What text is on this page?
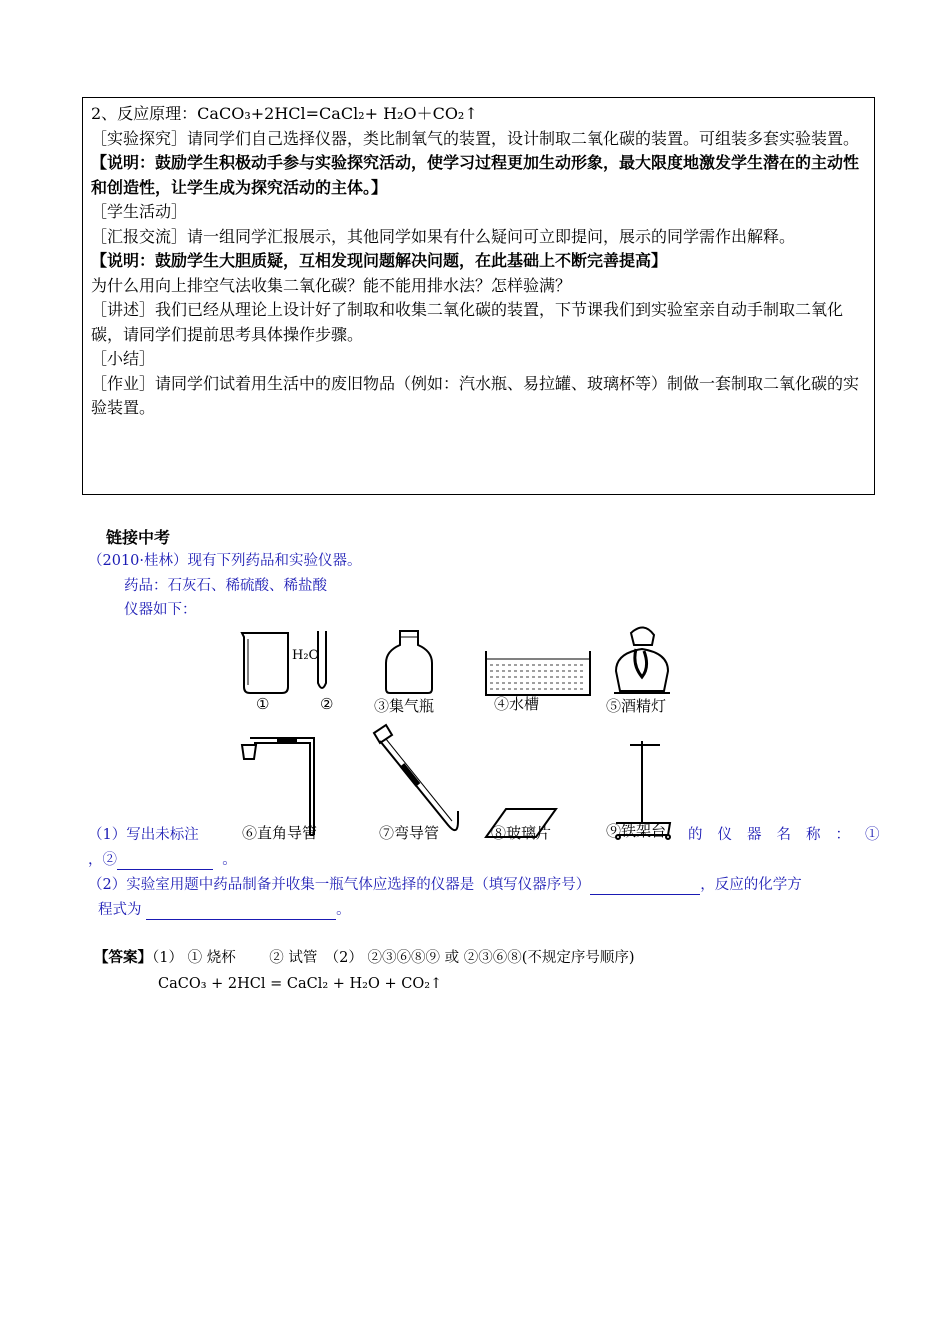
2、反应原理：CaCO₃+2HCl=CaCl₂+ H₂O＋CO₂↑

［实验探究］请同学们自己选择仪器，类比制氧气的装置，设计制取二氧化碳的装置。可组装多套实验装置。

【说明：鼓励学生积极动手参与实验探究活动，使学习过程更加生动形象，最大限度地激发学生潜在的主动性和创造性，让学生成为探究活动的主体。】

［学生活动］

［汇报交流］请一组同学汇报展示，其他同学如果有什么疑问可立即提问，展示的同学需作出解释。

【说明：鼓励学生大胆质疑，互相发现问题解决问题，在此基础上不断完善提高】

为什么用向上排空气法收集二氧化碳？能不能用排水法？怎样验满？

［讲述］我们已经从理论上设计好了制取和收集二氧化碳的装置，下节课我们到实验室亲自动手制取二氧化碳，请同学们提前思考具体操作步骤。

［小结］

［作业］请同学们试着用生活中的废旧物品（例如：汽水瓶、易拉罐、玻璃杯等）制做一套制取二氧化碳的实验装置。

链接中考
（2010·桂林）现有下列药品和实验仪器。
药品：石灰石、稀硫酸、稀盐酸
仪器如下：
H₂O
①	②	③集气瓶	④水槽	⑤酒精灯
⑥直角导管	⑦弯导管	⑧玻璃片	⑨铁架台
（1）写出未标注	的仪器名称：①
，②	。
（2）实验室用题中药品制备并收集一瓶气体应选择的仪器是（填写仪器序号）	，反应的化学方
程式为	。
【答案】（1） ① 烧杯　　 ② 试管　（2） ②③⑥⑧⑨ 或 ②③⑥⑧(不规定序号顺序)
CaCO₃ + 2HCl = CaCl₂ + H₂O + CO₂↑
